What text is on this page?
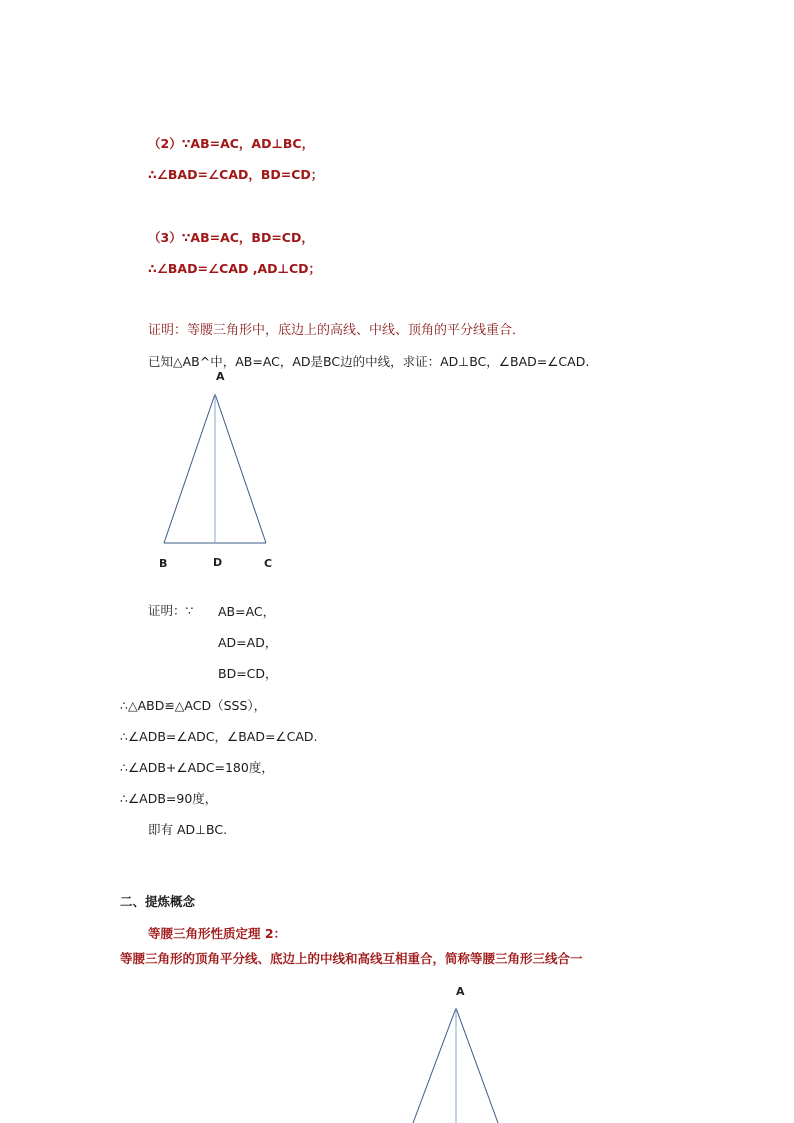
（2）∵AB=AC，AD⊥BC，
∴∠BAD=∠CAD，BD=CD；
（3）∵AB=AC，BD=CD，
∴∠BAD=∠CAD ,AD⊥CD；
证明：等腰三角形中，底边上的高线、中线、顶角的平分线重合．
已知△AB^中，AB=AC，AD是BC边的中线，求证：AD⊥BC，∠BAD=∠CAD.
A
B	D	C
证明：∵ AB=AC，
AD=AD，
BD=CD，
∴△ABD≌△ACD（SSS），
∴∠ADB=∠ADC，∠BAD=∠CAD.
∴∠ADB+∠ADC=180度，
∴∠ADB=90度，
即有 AD⊥BC.
二、提炼概念
等腰三角形性质定理 2：
等腰三角形的顶角平分线、底边上的中线和高线互相重合，简称等腰三角形三线合一
A
